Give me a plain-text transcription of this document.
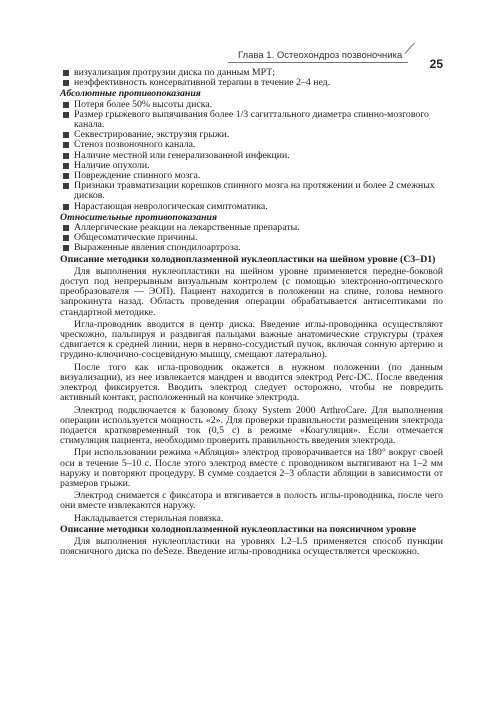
Глава 1. Остеохондроз позвоночника
25
визуализация протрузии диска по данным МРТ;
неэффективность консервативной терапии в течение 2–4 нед.
Абсолютные противопоказания
Потеря более 50% высоты диска.
Размер грыжевого выпячивания более 1/3 сагиттального диаметра спинно-мозгового канала.
Секвестрирование, экструзия грыжи.
Стеноз позвоночного канала.
Наличие местной или генерализованной инфекции.
Наличие опухоли.
Повреждение спинного мозга.
Признаки травматизации корешков спинного мозга на протяжении и более 2 смежных дисков.
Нарастающая неврологическая симптоматика.
Относительные противопоказания
Аллергические реакции на лекарственные препараты.
Общесоматические причины.
Выраженные явления спондилоартроза.
Описание методики холодноплазменной нуклеопластики на шейном уровне (C3–D1)

Для выполнения нуклеопластики на шейном уровне применяется передне-боковой доступ под непрерывным визуальным контролем (с помощью электронно-оптического преобразователя — ЭОП). Пациент находится в положении на спине, голова немного запрокинута назад. Область проведения операции обрабатывается антисептиками по стандартной методике.

Игла-проводник вводится в центр диска. Введение иглы-проводника осуществляют чрескожно, пальпируя и раздвигая пальцами важные анатомические структуры (трахея сдвигается к средней линии, нерв в нервно-сосудистый пучок, включая сонную артерию и грудино-ключично-сосцевидную мышцу, смещают латерально).

После того как игла-проводник окажется в нужном положении (по данным визуализации), из нее извлекается мандрен и вводится электрод Perc-DC. После введения электрод фиксируется. Вводить электрод следует осторожно, чтобы не повредить активный контакт, расположенный на кончике электрода.

Электрод подключается к базовому блоку System 2000 ArthroCare. Для выполнения операции используется мощность «2». Для проверки правильности размещения электрода подается кратковременный ток (0,5 с) в режиме «Коагуляция». Если отмечается стимуляция пациента, необходимо проверить правильность введения электрода.

При использовании режима «Абляция» электрод проворачивается на 180° вокруг своей оси в течение 5–10 с. После этого электрод вместе с проводником вытягивают на 1–2 мм наружу и повторяют процедуру. В сумме создается 2–3 области абляции в зависимости от размеров грыжи.

Электрод снимается с фиксатора и втягивается в полость иглы-проводника, после чего они вместе извлекаются наружу.

Накладывается стерильная повязка.

Описание методики холодноплазменной нуклеопластики на поясничном уровне

Для выполнения нуклеопластики на уровнях L2–L5 применяется способ пункции поясничного диска по deSeze. Введение иглы-проводника осуществляется чрескожно.
